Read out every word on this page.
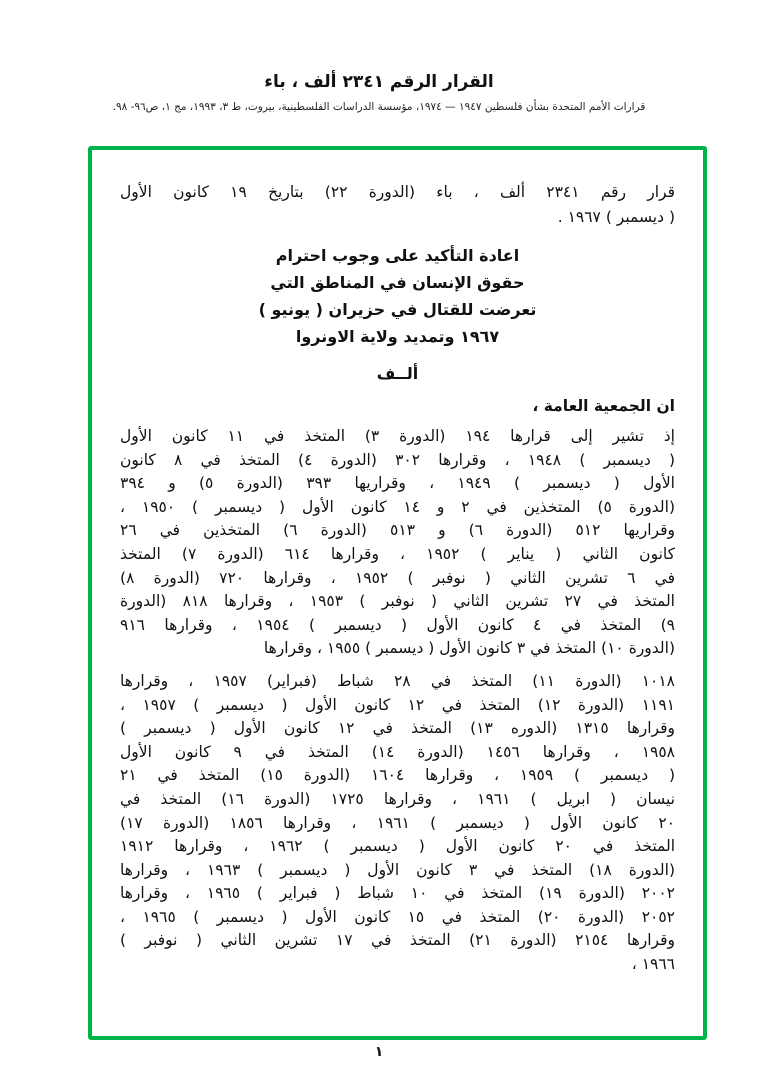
القرار الرقم ٢٣٤١ ألف ، باء
قرارات الأمم المتحدة بشأن فلسطين ١٩٤٧ — ١٩٧٤، مؤسسة الدراسات الفلسطينية، بيروت، ط ٣، ١٩٩٣، مج ١، ص٩٦- ٩٨.
قرار رقم ٢٣٤١ ألف ، باء (الدورة ٢٢) بتاريخ ١٩ كانون الأول
( ديسمبر ) ١٩٦٧ .
اعادة التأكيد على وجوب احترام
حقوق الإنسان في المناطق التي
تعرضت للقتال في حزيران ( يونيو )
١٩٦٧ وتمديد ولاية الاونروا
ألــف
ان الجمعية العامة ،
إذ تشير إلى قرارها ١٩٤ (الدورة ٣) المتخذ في ١١ كانون الأول
( ديسمبر ) ١٩٤٨ ، وقرارها ٣٠٢ (الدورة ٤) المتخذ في ٨ كانون
الأول ( ديسمبر ) ١٩٤٩ ، وقراريها ٣٩٣ (الدورة ٥) و ٣٩٤
(الدورة ٥) المتخذين في ٢ و ١٤ كانون الأول ( ديسمبر ) ١٩٥٠ ،
وقراريها ٥١٢ (الدورة ٦) و ٥١٣ (الدورة ٦) المتخذين في ٢٦
كانون الثاني ( يناير ) ١٩٥٢ ، وقرارها ٦١٤ (الدورة ٧) المتخذ
في ٦ تشرين الثاني ( نوفبر ) ١٩٥٢ ، وقرارها ٧٢٠ (الدورة ٨)
المتخذ في ٢٧ تشرين الثاني ( نوفبر ) ١٩٥٣ ، وقرارها ٨١٨ (الدورة
٩) المتخذ في ٤ كانون الأول ( ديسمبر ) ١٩٥٤ ، وقرارها ٩١٦
(الدورة ١٠) المتخذ في ٣ كانون الأول ( ديسمبر ) ١٩٥٥ ، وقرارها
١٠١٨ (الدورة ١١) المتخذ في ٢٨ شباط (فبراير) ١٩٥٧ ، وقرارها
١١٩١ (الدورة ١٢) المتخذ في ١٢ كانون الأول ( ديسمبر ) ١٩٥٧ ،
وقرارها ١٣١٥ (الدوره ١٣) المتخذ في ١٢ كانون الأول ( ديسمبر )
١٩٥٨ ، وقرارها ١٤٥٦ (الدورة ١٤) المتخذ في ٩ كانون الأول
( ديسمبر ) ١٩٥٩ ، وقرارها ١٦٠٤ (الدورة ١٥) المتخذ في ٢١
نيسان ( ابريل ) ١٩٦١ ، وقرارها ١٧٢٥ (الدورة ١٦) المتخذ في
٢٠ كانون الأول ( ديسمبر ) ١٩٦١ ، وقرارها ١٨٥٦ (الدورة ١٧)
المتخذ في ٢٠ كانون الأول ( ديسمبر ) ١٩٦٢ ، وقرارها ١٩١٢
(الدورة ١٨) المتخذ في ٣ كانون الأول ( ديسمبر ) ١٩٦٣ ، وقرارها
٢٠٠٢ (الدورة ١٩) المتخذ في ١٠ شباط ( فبراير ) ١٩٦٥ ، وقرارها
٢٠٥٢ (الدورة ٢٠) المتخذ في ١٥ كانون الأول ( ديسمبر ) ١٩٦٥ ،
وقرارها ٢١٥٤ (الدورة ٢١) المتخذ في ١٧ تشرين الثاني ( نوفبر )
١٩٦٦ ،
١
